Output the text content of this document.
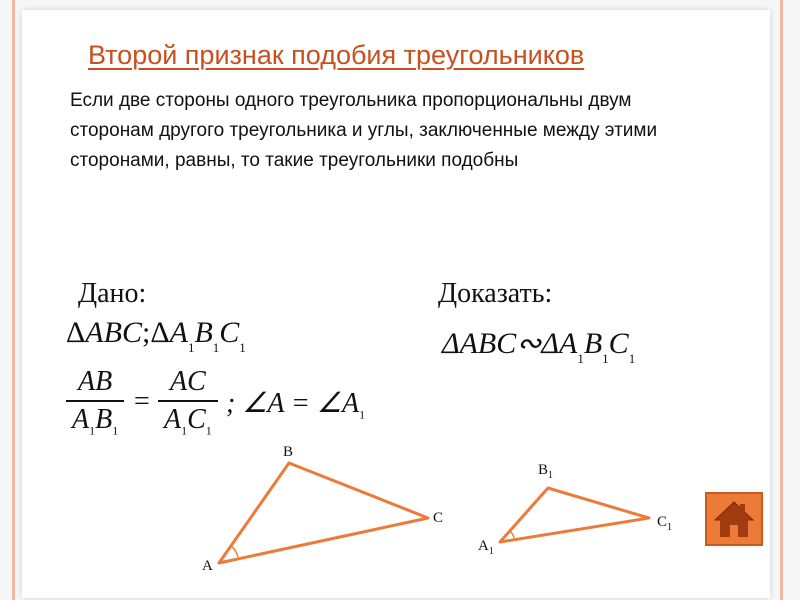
Второй признак подобия треугольников
Если две стороны одного треугольника пропорциональны двум сторонам другого треугольника и углы, заключенные между этими сторонами, равны, то такие треугольники подобны
Дано:	Доказать:
$\Delta ABC;\Delta A_1B_1C_1$	$\Delta ABC∾\Delta A_1B_1C_1$
AB
$A_1B_1$
=
AC
$A_1C_1$
; ∠A = $\angle A_1$
A
B
C
$A_1$
$B_1$
$C_1$
